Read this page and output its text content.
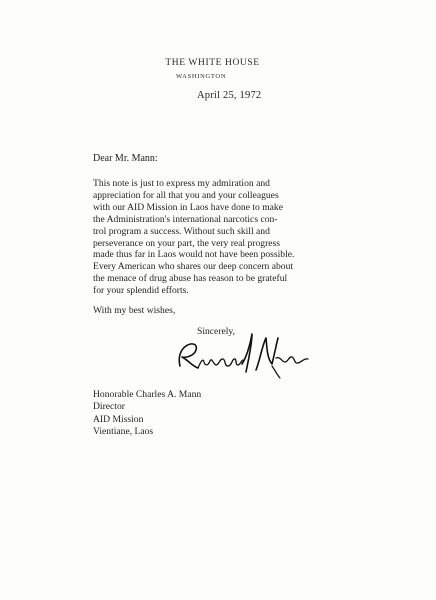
THE WHITE HOUSE
WASHINGTON
April 25, 1972
Dear Mr. Mann:

This note is just to express my admiration and
appreciation for all that you and your colleagues
with our AID Mission in Laos have done to make
the Administration's international narcotics con-
trol program a success. Without such skill and
perseverance on your part, the very real progress
made thus far in Laos would not have been possible.
Every American who shares our deep concern about
the menace of drug abuse has reason to be grateful
for your splendid efforts.

With my best wishes,
Sincerely,
Honorable Charles A. Mann
Director
AID Mission
Vientiane, Laos
